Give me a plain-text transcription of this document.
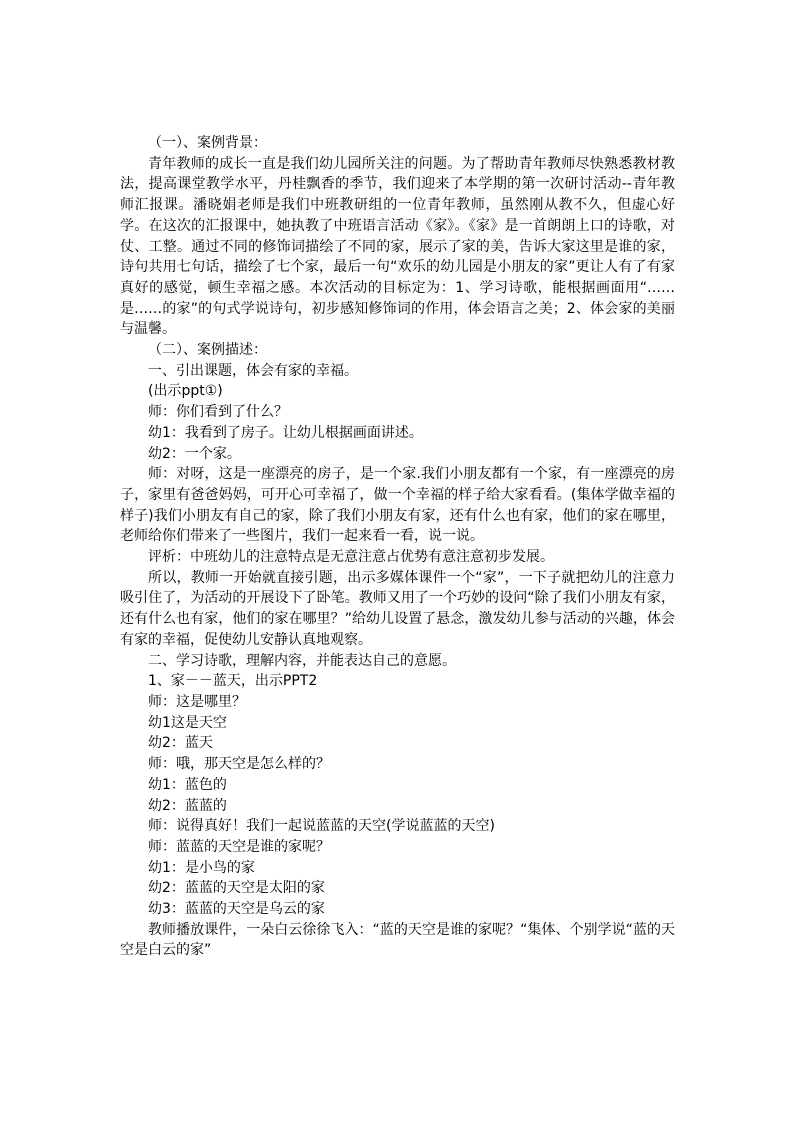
（一）、案例背景：

青年教师的成长一直是我们幼儿园所关注的问题。为了帮助青年教师尽快熟悉教材教法，提高课堂教学水平，丹桂飘香的季节，我们迎来了本学期的第一次研讨活动--青年教师汇报课。潘晓娟老师是我们中班教研组的一位青年教师，虽然刚从教不久，但虚心好学。在这次的汇报课中，她执教了中班语言活动《家》。《家》是一首朗朗上口的诗歌，对仗、工整。通过不同的修饰词描绘了不同的家，展示了家的美，告诉大家这里是谁的家，诗句共用七句话，描绘了七个家，最后一句“欢乐的幼儿园是小朋友的家”更让人有了有家真好的感觉，顿生幸福之感。本次活动的目标定为：1、学习诗歌，能根据画面用“……是……的家”的句式学说诗句，初步感知修饰词的作用，体会语言之美；2、体会家的美丽与温馨。

（二）、案例描述：

一、引出课题，体会有家的幸福。

(出示ppt①)

师：你们看到了什么？

幼1：我看到了房子。让幼儿根据画面讲述。

幼2：一个家。

师：对呀，这是一座漂亮的房子，是一个家.我们小朋友都有一个家，有一座漂亮的房子，家里有爸爸妈妈，可开心可幸福了，做一个幸福的样子给大家看看。(集体学做幸福的样子)我们小朋友有自己的家，除了我们小朋友有家，还有什么也有家，他们的家在哪里，老师给你们带来了一些图片，我们一起来看一看，说一说。

评析：中班幼儿的注意特点是无意注意占优势有意注意初步发展。

所以，教师一开始就直接引题，出示多媒体课件一个“家”，一下子就把幼儿的注意力吸引住了，为活动的开展设下了卧笔。教师又用了一个巧妙的设问“除了我们小朋友有家，还有什么也有家，他们的家在哪里？”给幼儿设置了悬念，激发幼儿参与活动的兴趣，体会有家的幸福，促使幼儿安静认真地观察。

二、学习诗歌，理解内容，并能表达自己的意愿。

1、家－－蓝天，出示PPT2

师：这是哪里？

幼1这是天空

幼2：蓝天

师：哦，那天空是怎么样的？

幼1：蓝色的

幼2：蓝蓝的

师：说得真好！我们一起说蓝蓝的天空(学说蓝蓝的天空)

师：蓝蓝的天空是谁的家呢？

幼1：是小鸟的家

幼2：蓝蓝的天空是太阳的家

幼3：蓝蓝的天空是乌云的家

教师播放课件，一朵白云徐徐飞入：“蓝的天空是谁的家呢？“集体、个别学说“蓝的天空是白云的家”
